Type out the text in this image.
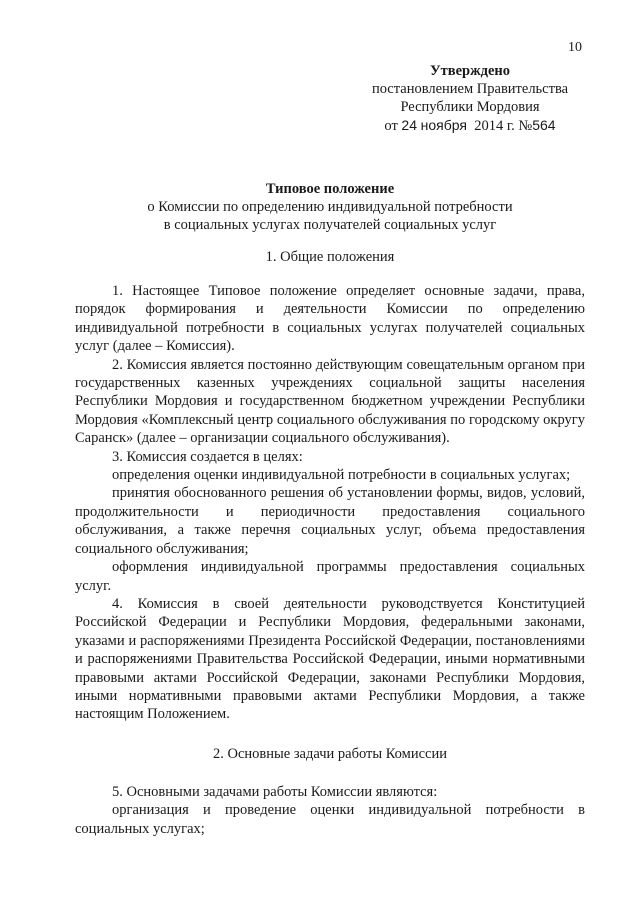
10
Утверждено
постановлением Правительства
Республики Мордовия
от 24 ноября 2014 г. №564
Типовое положение
о Комиссии по определению индивидуальной потребности
в социальных услугах получателей социальных услуг
1. Общие положения

1. Настоящее Типовое положение определяет основные задачи, права, порядок формирования и деятельности Комиссии по определению индивидуальной потребности в социальных услугах получателей социальных услуг (далее – Комиссия).

2. Комиссия является постоянно действующим совещательным органом при государственных казенных учреждениях социальной защиты населения Республики Мордовия и государственном бюджетном учреждении Республики Мордовия «Комплексный центр социального обслуживания по городскому округу Саранск» (далее – организации социального обслуживания).

3. Комиссия создается в целях:

определения оценки индивидуальной потребности в социальных услугах;

принятия обоснованного решения об установлении формы, видов, условий, продолжительности и периодичности предоставления социального обслуживания, а также перечня социальных услуг, объема предоставления социального обслуживания;

оформления индивидуальной программы предоставления социальных услуг.

4. Комиссия в своей деятельности руководствуется Конституцией Российской Федерации и Республики Мордовия, федеральными законами, указами и распоряжениями Президента Российской Федерации, постановлениями и распоряжениями Правительства Российской Федерации, иными нормативными правовыми актами Российской Федерации, законами Республики Мордовия, иными нормативными правовыми актами Республики Мордовия, а также настоящим Положением.

2. Основные задачи работы Комиссии

5. Основными задачами работы Комиссии являются:

организация и проведение оценки индивидуальной потребности в социальных услугах;
